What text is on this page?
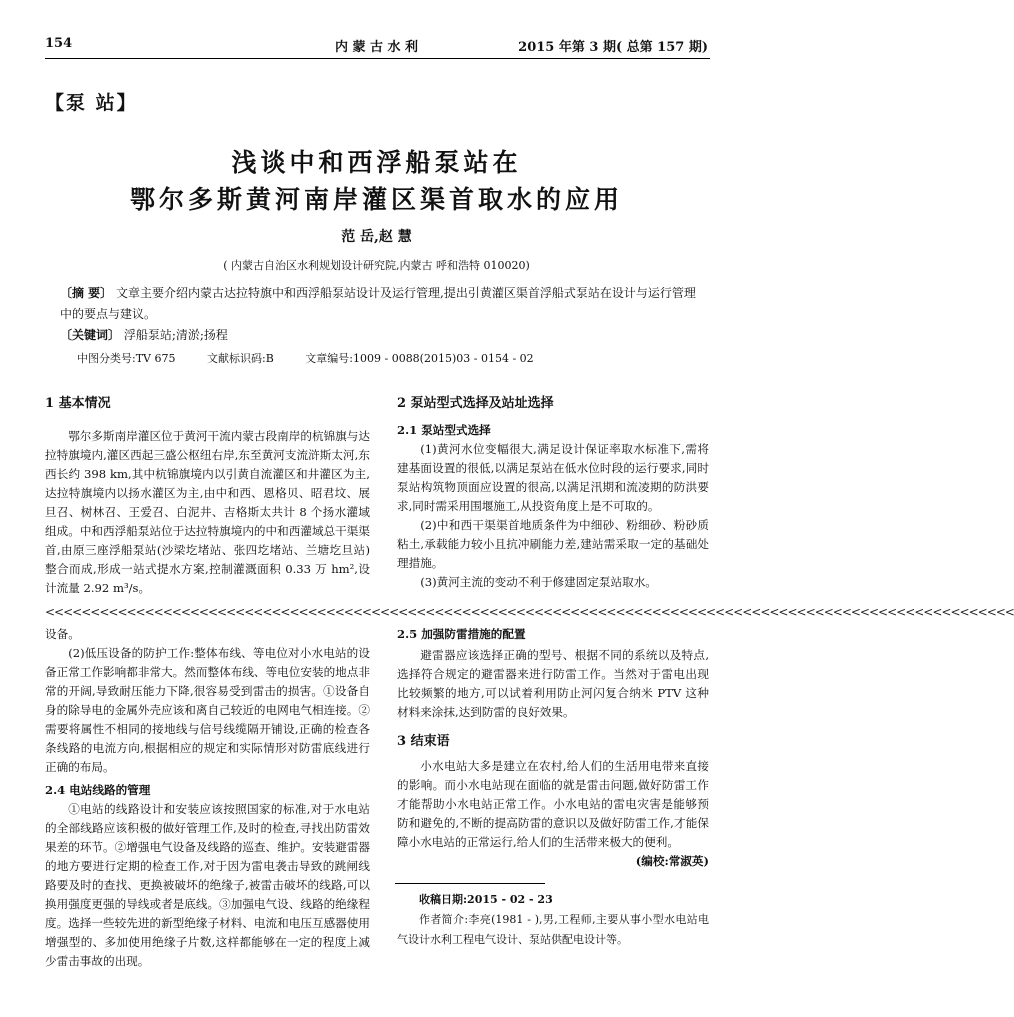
154	内 蒙 古 水 利	2015 年第 3 期( 总第 157 期)
【泵 站】
浅谈中和西浮船泵站在
鄂尔多斯黄河南岸灌区渠首取水的应用
范 岳,赵 慧
( 内蒙古自治区水利规划设计研究院,内蒙古 呼和浩特 010020)
〔摘 要〕 文章主要介绍内蒙古达拉特旗中和西浮船泵站设计及运行管理,提出引黄灌区渠首浮船式泵站在设计与运行管理中的要点与建议。
〔关键词〕 浮船泵站;清淤;扬程
中图分类号:TV 675	文献标识码:B	文章编号:1009 - 0088(2015)03 - 0154 - 02
1 基本情况

鄂尔多斯南岸灌区位于黄河干流内蒙古段南岸的杭锦旗与达拉特旗境内,灌区西起三盛公枢纽右岸,东至黄河支流浒斯太河,东西长约 398 km,其中杭锦旗境内以引黄自流灌区和井灌区为主,达拉特旗境内以扬水灌区为主,由中和西、恩格贝、昭君坟、展旦召、树林召、王爱召、白泥井、吉格斯太共计 8 个扬水灌域组成。中和西浮船泵站位于达拉特旗境内的中和西灌域总干渠渠首,由原三座浮船泵站(沙梁圪堵站、张四圪堵站、兰塘圪旦站)整合而成,形成一站式提水方案,控制灌溉面积 0.33 万 hm²,设计流量 2.92 m³/s。

2 泵站型式选择及站址选择
2.1 泵站型式选择

(1)黄河水位变幅很大,满足设计保证率取水标准下,需将建基面设置的很低,以满足泵站在低水位时段的运行要求,同时泵站构筑物顶面应设置的很高,以满足汛期和流凌期的防洪要求,同时需采用围堰施工,从投资角度上是不可取的。

(2)中和西干渠渠首地质条件为中细砂、粉细砂、粉砂质粘土,承载能力较小且抗冲刷能力差,建站需采取一定的基础处理措施。

(3)黄河主流的变动不利于修建固定泵站取水。

<<<<<<<<<<<<<<<<<<<<<<<<<<<<<<<<<<<<<<<<<<<<<<<<<<<<<<<<<<<<<<<<<<<<<<<<<<<<<<<<<<<<<<<<<<<<<<<<<<<<<<<<<<<
设备。

(2)低压设备的防护工作:整体布线、等电位对小水电站的设备正常工作影响都非常大。然而整体布线、等电位安装的地点非常的开阔,导致耐压能力下降,很容易受到雷击的损害。①设备自身的除导电的金属外壳应该和离自己较近的电网电气相连接。②需要将属性不相同的接地线与信号线缆隔开铺设,正确的检查各条线路的电流方向,根据相应的规定和实际情形对防雷底线进行正确的布局。

2.4 电站线路的管理

①电站的线路设计和安装应该按照国家的标准,对于水电站的全部线路应该积极的做好管理工作,及时的检查,寻找出防雷效果差的环节。②增强电气设备及线路的巡查、维护。安装避雷器的地方要进行定期的检查工作,对于因为雷电袭击导致的跳闸线路要及时的查找、更换被破坏的绝缘子,被雷击破坏的线路,可以换用强度更强的导线或者是底线。③加强电气设、线路的绝缘程度。选择一些较先进的新型绝缘子材料、电流和电压互感器使用增强型的、多加使用绝缘子片数,这样都能够在一定的程度上减少雷击事故的出现。

2.5 加强防雷措施的配置

避雷器应该选择正确的型号、根据不同的系统以及特点,选择符合规定的避雷器来进行防雷工作。当然对于雷电出现比较频繁的地方,可以试着利用防止河闪复合纳米 PTV 这种材料来涂抹,达到防雷的良好效果。

3 结束语

小水电站大多是建立在农村,给人们的生活用电带来直接的影响。而小水电站现在面临的就是雷击问题,做好防雷工作才能帮助小水电站正常工作。小水电站的雷电灾害是能够预防和避免的,不断的提高防雷的意识以及做好防雷工作,才能保障小水电站的正常运行,给人们的生活带来极大的便利。

(编校:常淑英)
收稿日期:2015 - 02 - 23
作者简介:李亮(1981 - ),男,工程师,主要从事小型水电站电气设计水利工程电气设计、泵站供配电设计等。
